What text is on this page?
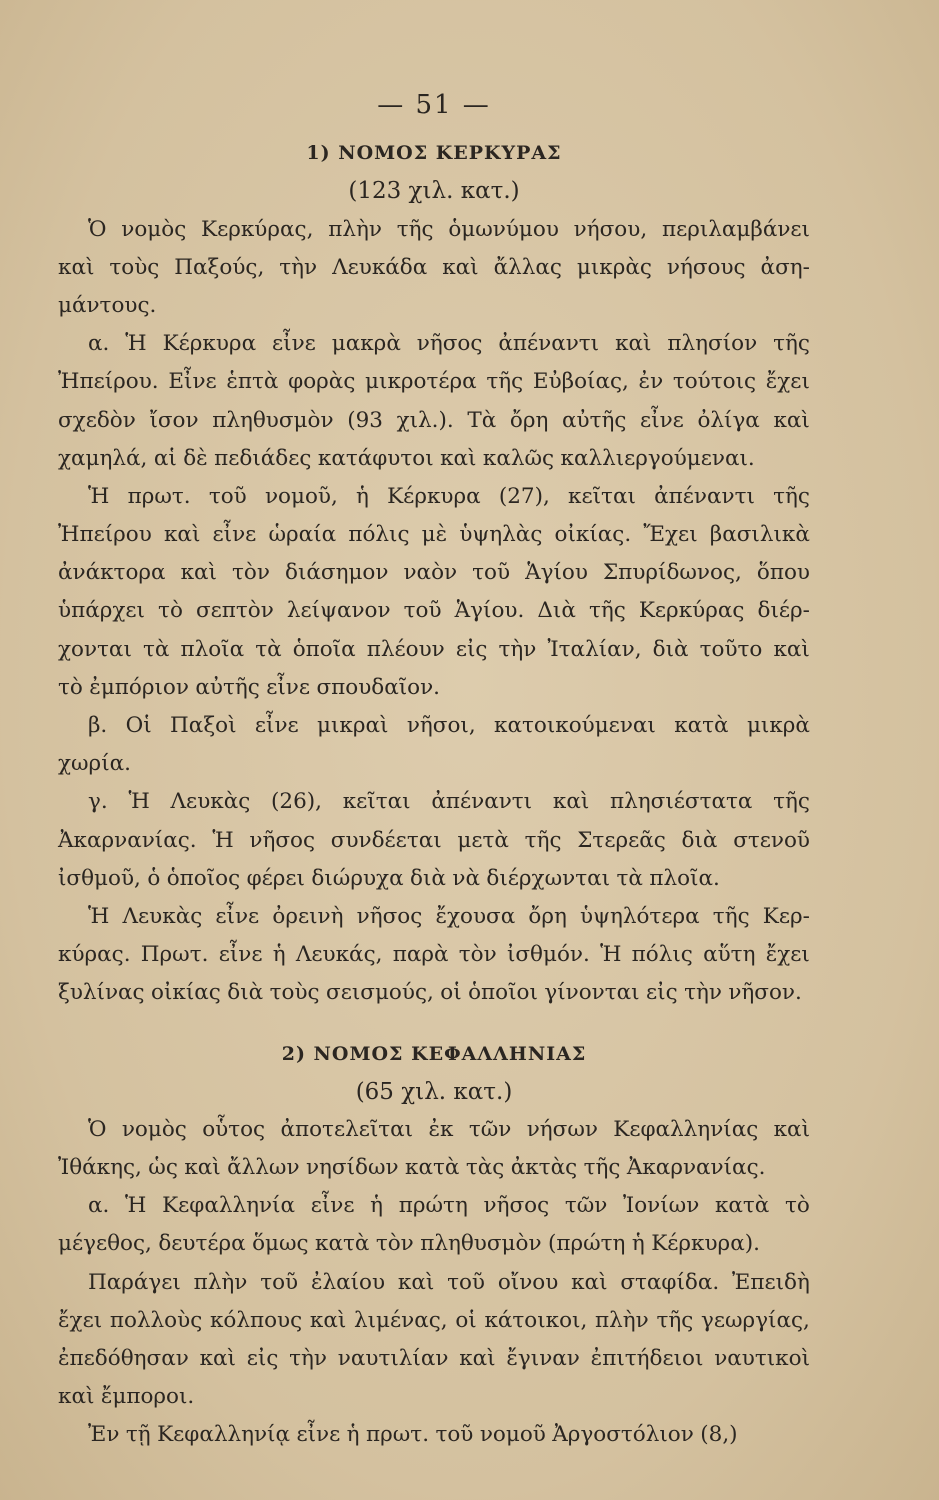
— 51 —
1) ΝΟΜΟΣ ΚΕΡΚΥΡΑΣ
(123 χιλ. κατ.)
Ὁ νομὸς Κερκύρας, πλὴν τῆς ὁμωνύμου νήσου, περιλαμβάνει
καὶ τοὺς Παξούς, τὴν Λευκάδα καὶ ἄλλας μικρὰς νήσους ἀση-
μάντους.
α. Ἡ Κέρκυρα εἶνε μακρὰ νῆσος ἀπέναντι καὶ πλησίον τῆς
Ἠπείρου. Εἶνε ἑπτὰ φορὰς μικροτέρα τῆς Εὐβοίας, ἐν τούτοις ἔχει
σχεδὸν ἴσον πληθυσμὸν (93 χιλ.). Τὰ ὄρη αὐτῆς εἶνε ὀλίγα καὶ
χαμηλά, αἱ δὲ πεδιάδες κατάφυτοι καὶ καλῶς καλλιεργούμεναι.
Ἡ πρωτ. τοῦ νομοῦ, ἡ Κέρκυρα (27), κεῖται ἀπέναντι τῆς
Ἠπείρου καὶ εἶνε ὡραία πόλις μὲ ὑψηλὰς οἰκίας. Ἔχει βασιλικὰ
ἀνάκτορα καὶ τὸν διάσημον ναὸν τοῦ Ἁγίου Σπυρίδωνος, ὅπου
ὑπάρχει τὸ σεπτὸν λείψανον τοῦ Ἁγίου. Διὰ τῆς Κερκύρας διέρ-
χονται τὰ πλοῖα τὰ ὁποῖα πλέουν εἰς τὴν Ἰταλίαν, διὰ τοῦτο καὶ
τὸ ἐμπόριον αὐτῆς εἶνε σπουδαῖον.
β. Οἱ Παξοὶ εἶνε μικραὶ νῆσοι, κατοικούμεναι κατὰ μικρὰ
χωρία.
γ. Ἡ Λευκὰς (26), κεῖται ἀπέναντι καὶ πλησιέστατα τῆς
Ἀκαρνανίας. Ἡ νῆσος συνδέεται μετὰ τῆς Στερεᾶς διὰ στενοῦ
ἰσθμοῦ, ὁ ὁποῖος φέρει διώρυχα διὰ νὰ διέρχωνται τὰ πλοῖα.
Ἡ Λευκὰς εἶνε ὀρεινὴ νῆσος ἔχουσα ὄρη ὑψηλότερα τῆς Κερ-
κύρας. Πρωτ. εἶνε ἡ Λευκάς, παρὰ τὸν ἰσθμόν. Ἡ πόλις αὕτη ἔχει
ξυλίνας οἰκίας διὰ τοὺς σεισμούς, οἱ ὁποῖοι γίνονται εἰς τὴν νῆσον.
2) ΝΟΜΟΣ ΚΕΦΑΛΛΗΝΙΑΣ
(65 χιλ. κατ.)
Ὁ νομὸς οὗτος ἀποτελεῖται ἐκ τῶν νήσων Κεφαλληνίας καὶ
Ἰθάκης, ὡς καὶ ἄλλων νησίδων κατὰ τὰς ἀκτὰς τῆς Ἀκαρνανίας.
α. Ἡ Κεφαλληνία εἶνε ἡ πρώτη νῆσος τῶν Ἰονίων κατὰ τὸ
μέγεθος, δευτέρα ὅμως κατὰ τὸν πληθυσμὸν (πρώτη ἡ Κέρκυρα).
Παράγει πλὴν τοῦ ἐλαίου καὶ τοῦ οἴνου καὶ σταφίδα. Ἐπειδὴ
ἔχει πολλοὺς κόλπους καὶ λιμένας, οἱ κάτοικοι, πλὴν τῆς γεωργίας,
ἐπεδόθησαν καὶ εἰς τὴν ναυτιλίαν καὶ ἔγιναν ἐπιτήδειοι ναυτικοὶ
καὶ ἔμποροι.
Ἐν τῇ Κεφαλληνίᾳ εἶνε ἡ πρωτ. τοῦ νομοῦ Ἀργοστόλιον (8,)
